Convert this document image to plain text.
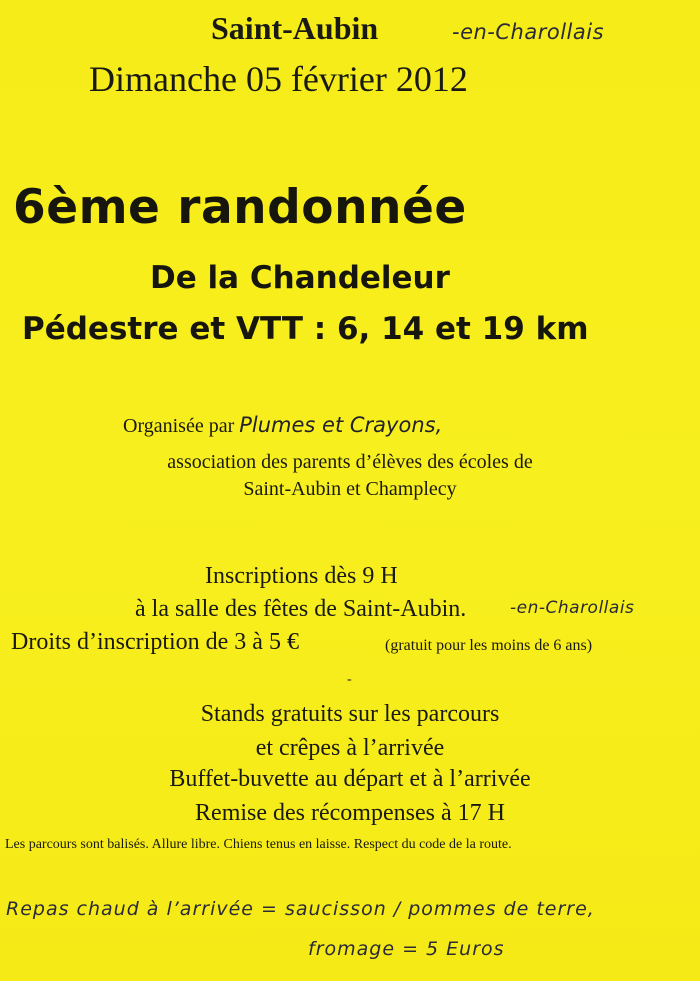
Saint-Aubin	-en-Charollais
Dimanche 05 février 2012
6ème randonnée
De la Chandeleur
Pédestre et VTT : 6, 14 et 19 km
Organisée par Plumes et Crayons,
association des parents d’élèves des écoles de
Saint-Aubin et Champlecy
Inscriptions dès 9 H
à la salle des fêtes de Saint-Aubin.	-en-Charollais
Droits d’inscription de 3 à 5 €	(gratuit pour les moins de 6 ans)
-
Stands gratuits sur les parcours
et crêpes à l’arrivée
Buffet-buvette au départ et à l’arrivée
Remise des récompenses à 17 H
Les parcours sont balisés. Allure libre. Chiens tenus en laisse. Respect du code de la route.
Repas chaud à l’arrivée = saucisson / pommes de terre,
fromage = 5 Euros
